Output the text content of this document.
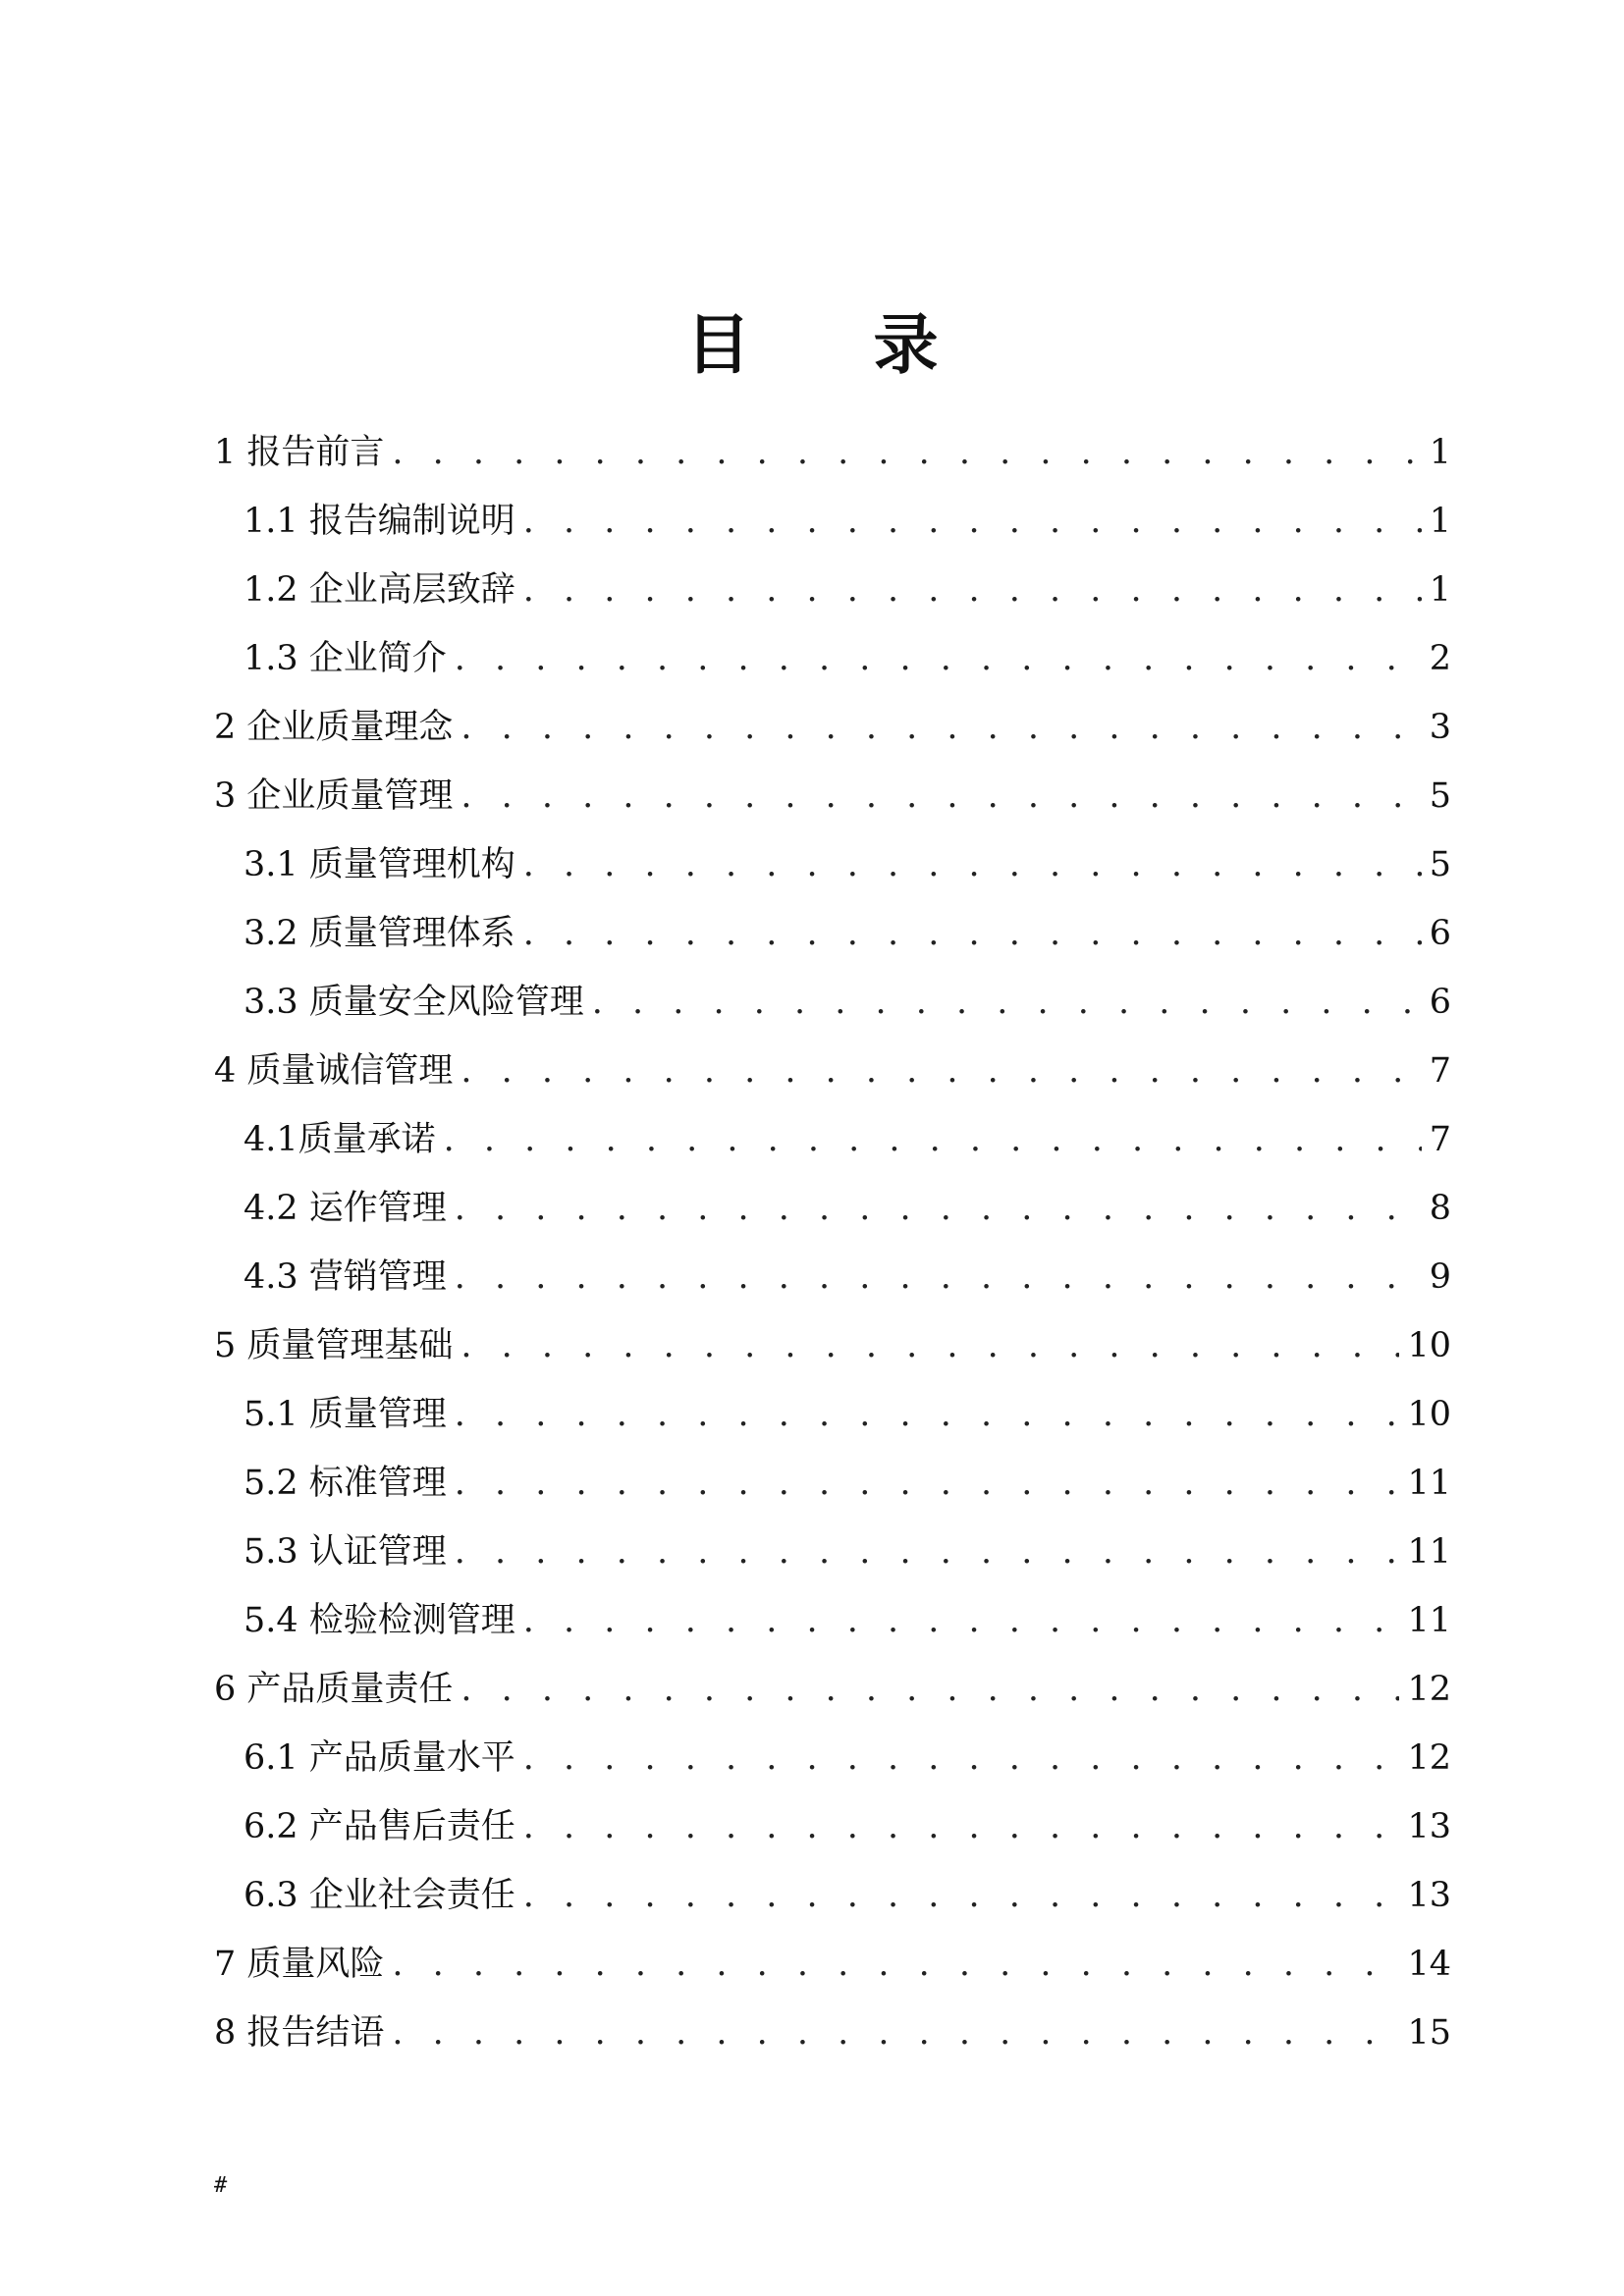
目录
1 报告前言 . . .	1
1.1 报告编制说明 . . .	1
1.2 企业高层致辞 . . .	1
1.3 企业简介 . . .	2
2 企业质量理念 . . .	3
3 企业质量管理 . . .	5
3.1 质量管理机构 . . .	5
3.2 质量管理体系 . . .	6
3.3 质量安全风险管理 . . .	6
4 质量诚信管理 . . .	7
4.1质量承诺 . . .	7
4.2 运作管理 . . .	8
4.3 营销管理 . . .	9
5 质量管理基础 . . .	10
5.1 质量管理 . . .	10
5.2 标准管理 . . .	11
5.3 认证管理 . . .	11
5.4 检验检测管理 . . .	11
6 产品质量责任 . . .	12
6.1 产品质量水平 . . .	12
6.2 产品售后责任 . . .	13
6.3 企业社会责任 . . .	13
7 质量风险 . . .	14
8 报告结语 . . .	15
#
